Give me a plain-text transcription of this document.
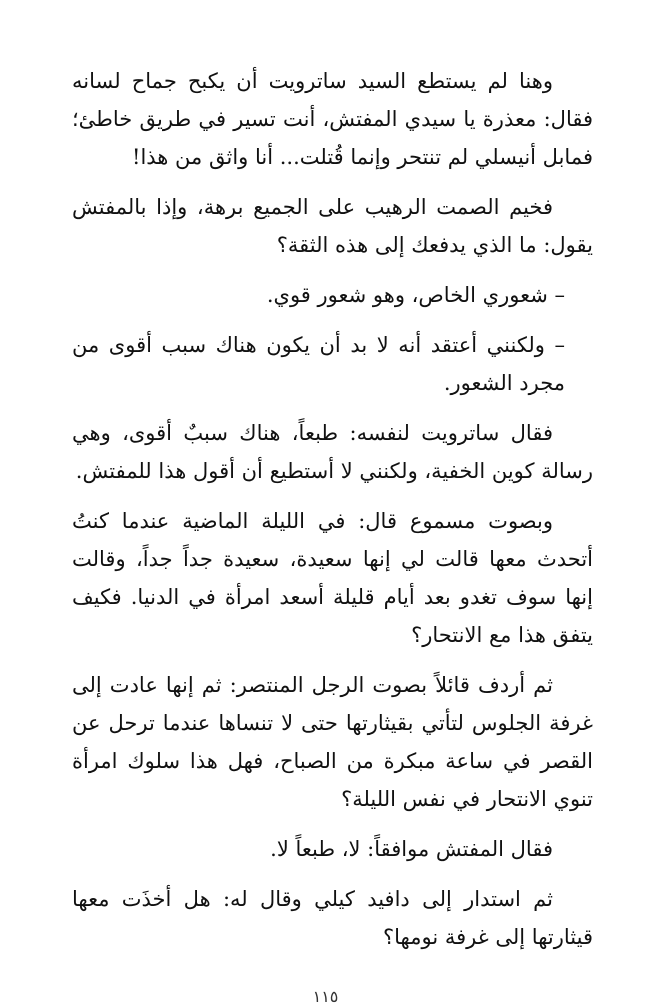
وهنا لم يستطع السيد ساترويت أن يكبح جماح لسانه فقال: معذرة يا سيدي المفتش، أنت تسير في طريق خاطئ؛ فمابل أنيسلي لم تنتحر وإنما قُتلت... أنا واثق من هذا!

فخيم الصمت الرهيب على الجميع برهة، وإذا بالمفتش يقول: ما الذي يدفعك إلى هذه الثقة؟

– شعوري الخاص، وهو شعور قوي.

– ولكنني أعتقد أنه لا بد أن يكون هناك سبب أقوى من مجرد الشعور.

فقال ساترويت لنفسه: طبعاً، هناك سببٌ أقوى، وهي رسالة كوين الخفية، ولكنني لا أستطيع أن أقول هذا للمفتش.

وبصوت مسموع قال: في الليلة الماضية عندما كنتُ أتحدث معها قالت لي إنها سعيدة، سعيدة جداً جداً، وقالت إنها سوف تغدو بعد أيام قليلة أسعد امرأة في الدنيا. فكيف يتفق هذا مع الانتحار؟

ثم أردف قائلاً بصوت الرجل المنتصر: ثم إنها عادت إلى غرفة الجلوس لتأتي بقيثارتها حتى لا تنساها عندما ترحل عن القصر في ساعة مبكرة من الصباح، فهل هذا سلوك امرأة تنوي الانتحار في نفس الليلة؟

فقال المفتش موافقاً: لا، طبعاً لا.

ثم استدار إلى دافيد كيلي وقال له: هل أخذَت معها قيثارتها إلى غرفة نومها؟

١١٥
